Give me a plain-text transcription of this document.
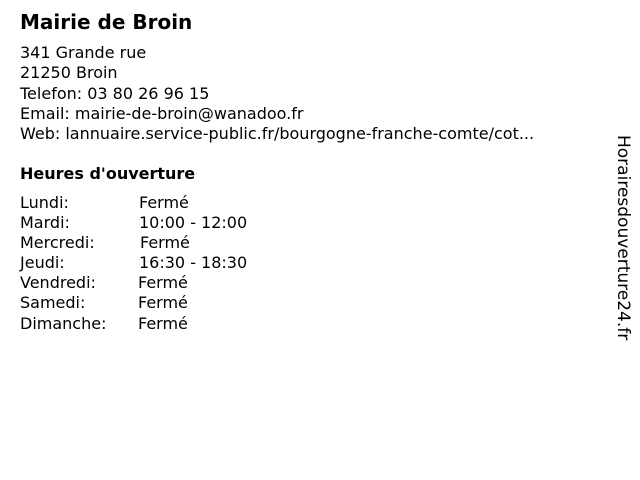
Mairie de Broin
341 Grande rue
21250 Broin
Telefon: 03 80 26 96 15
Email: mairie-de-broin@wanadoo.fr
Web: lannuaire.service-public.fr/bourgogne-franche-comte/cot...
Heures d'ouverture
Lundi:	Fermé
Mardi:	10:00 - 12:00
Mercredi:	Fermé
Jeudi:	16:30 - 18:30
Vendredi:	Fermé
Samedi:	Fermé
Dimanche: Fermé	Horairesdouverture24.fr
